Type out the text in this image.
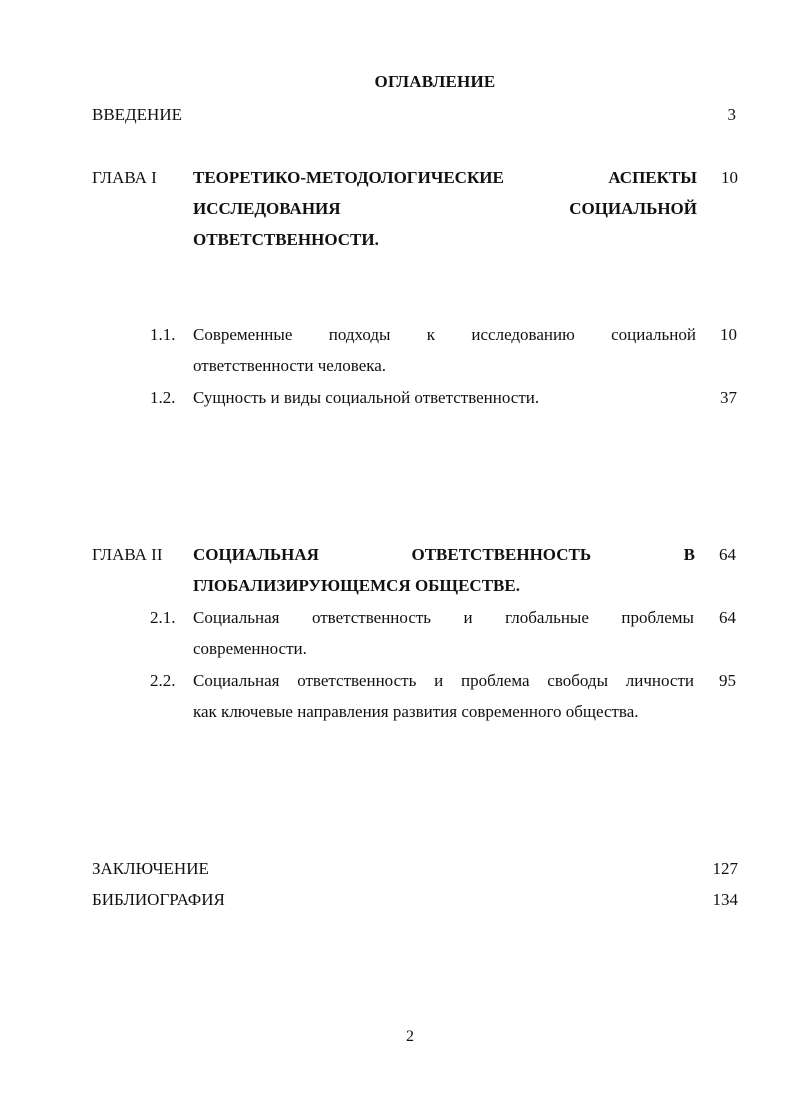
ОГЛАВЛЕНИЕ
ВВЕДЕНИЕ	3
ГЛАВА I ТЕОРЕТИКО-МЕТОДОЛОГИЧЕСКИЕ	АСПЕКТЫ	10
ИССЛЕДОВАНИЯ	СОЦИАЛЬНОЙ
ОТВЕТСТВЕННОСТИ.
1.1. Современные подходы к исследованию социальной	10
ответственности человека.
1.2. Сущность и виды социальной ответственности.	37
ГЛАВА II СОЦИАЛЬНАЯ	ОТВЕТСТВЕННОСТЬ	В	64
ГЛОБАЛИЗИРУЮЩЕМСЯ ОБЩЕСТВЕ.
2.1. Социальная ответственность и глобальные проблемы	64
современности.
2.2. Социальная ответственность и проблема свободы личности	95
как ключевые направления развития современного общества.
ЗАКЛЮЧЕНИЕ	127
БИБЛИОГРАФИЯ	134
2
